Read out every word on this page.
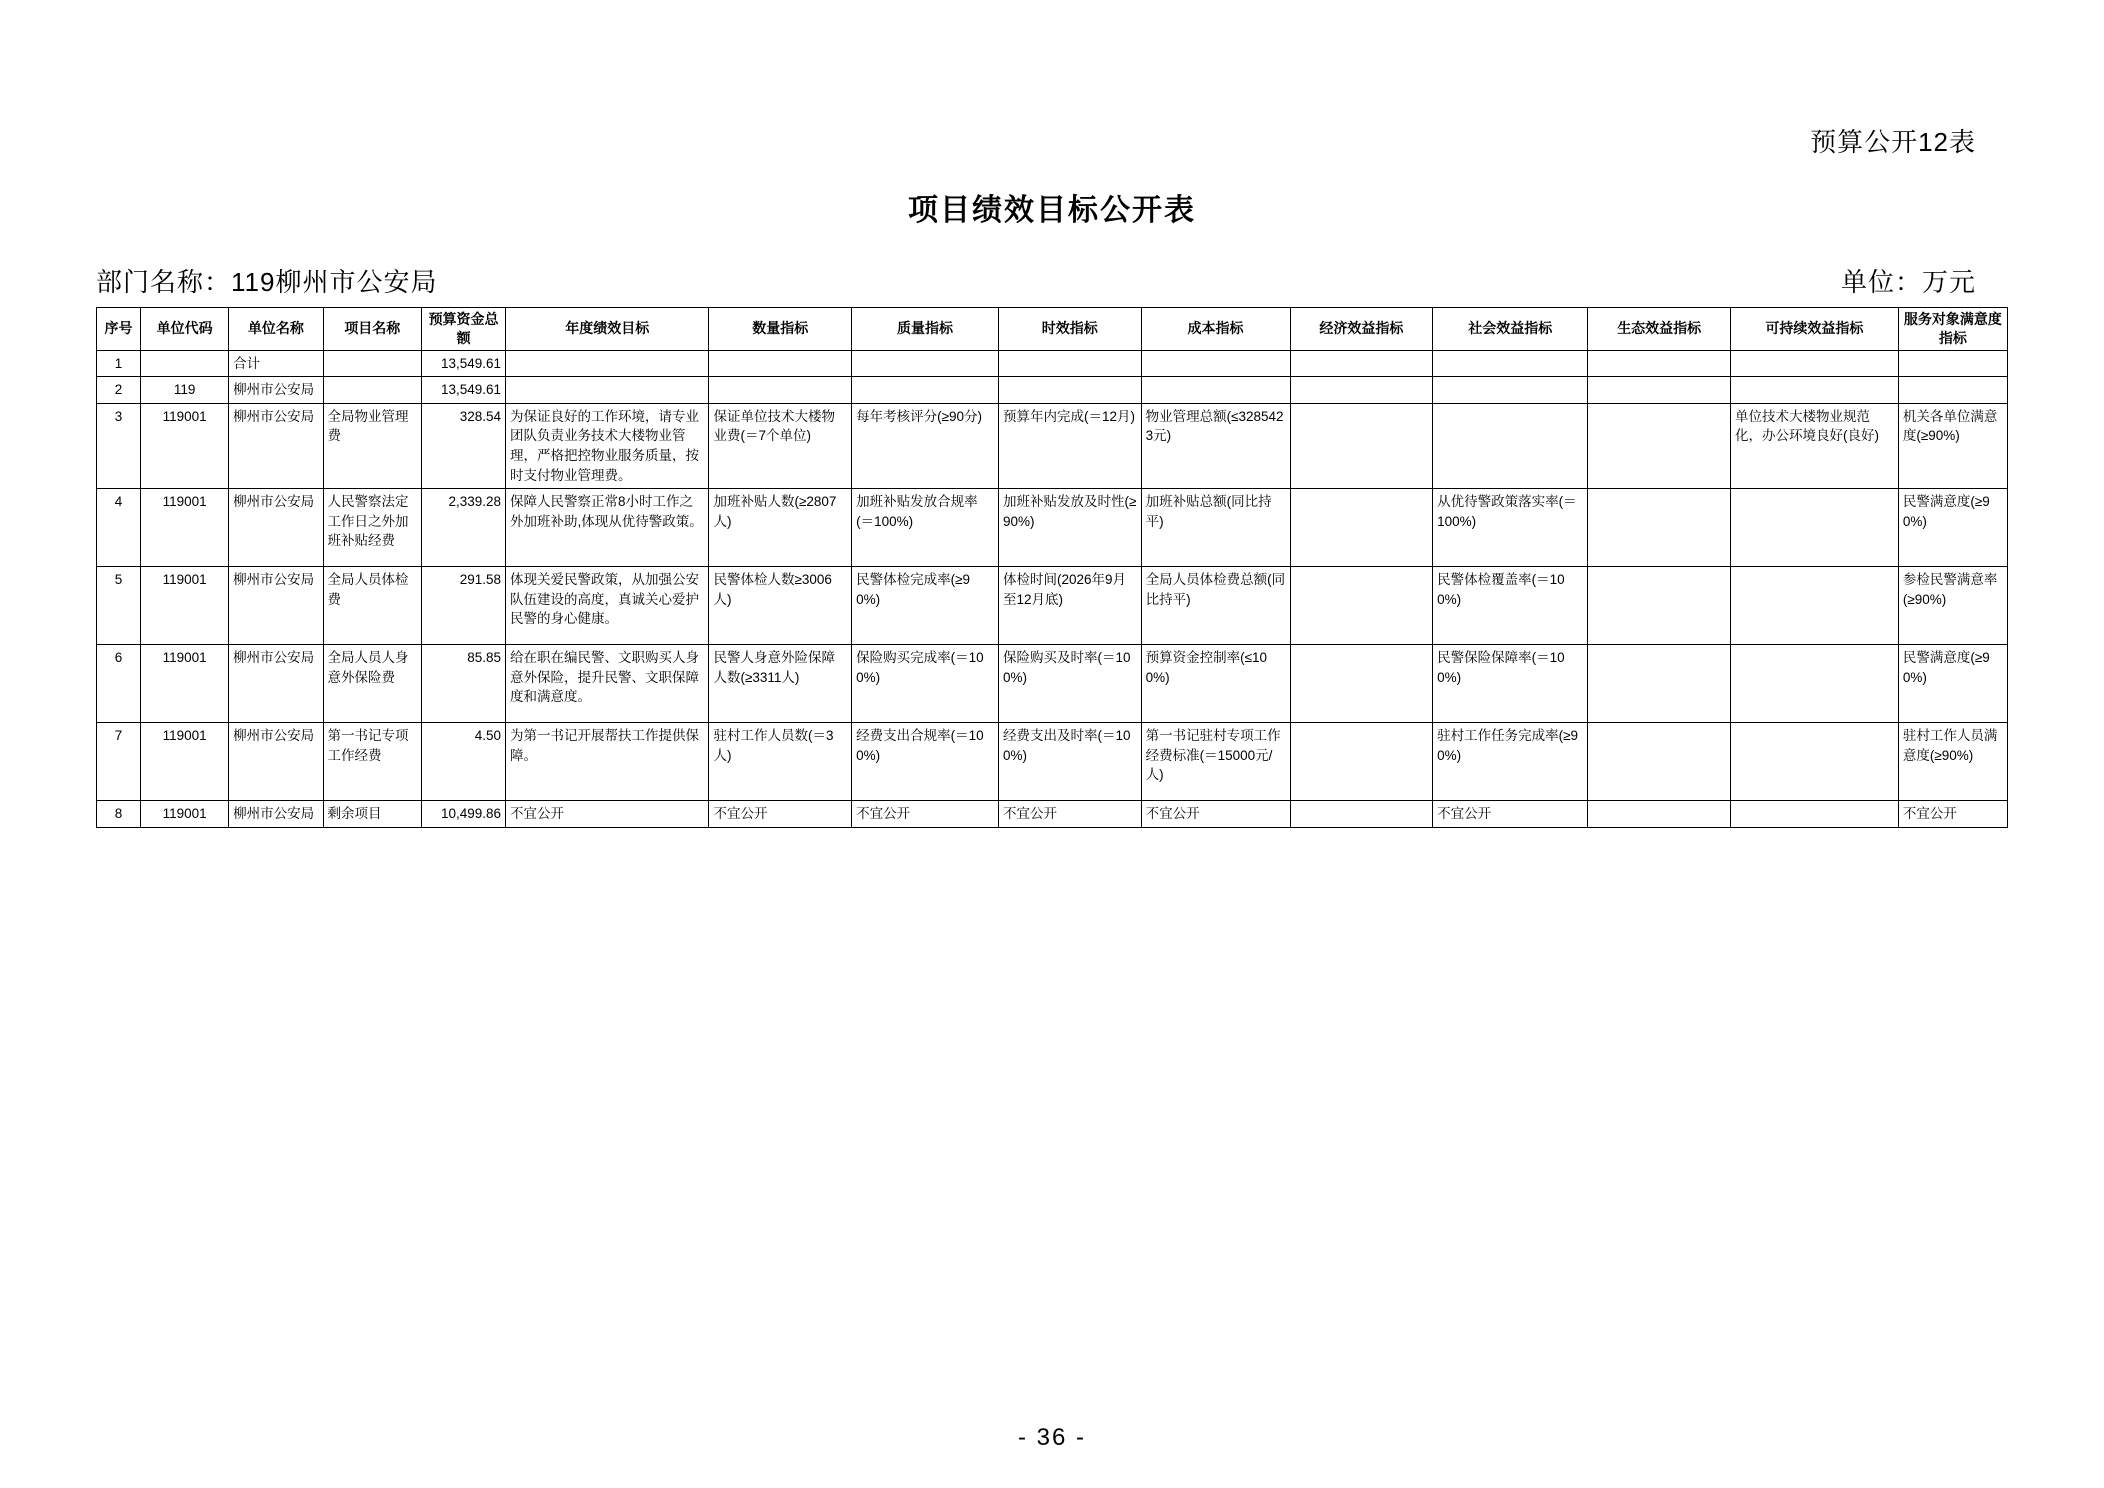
预算公开12表
项目绩效目标公开表
部门名称：119柳州市公安局	单位：万元
序号	单位代码	单位名称	项目名称	预算资金总额	年度绩效目标	数量指标	质量指标	时效指标	成本指标	经济效益指标	社会效益指标	生态效益指标	可持续效益指标	服务对象满意度指标
1		合计		13,549.61										
2	119	柳州市公安局		13,549.61										
3	119001	柳州市公安局	全局物业管理费	328.54	为保证良好的工作环境，请专业团队负责业务技术大楼物业管理，严格把控物业服务质量，按时支付物业管理费。	保证单位技术大楼物业费(＝7个单位)	每年考核评分(≥90分)	预算年内完成(＝12月)	物业管理总额(≤3285423元)				单位技术大楼物业规范化，办公环境良好(良好)	机关各单位满意度(≥90%)
4	119001	柳州市公安局	人民警察法定工作日之外加班补贴经费	2,339.28	保障人民警察正常8小时工作之外加班补助,体现从优待警政策。	加班补贴人数(≥2807人)	加班补贴发放合规率(＝100%)	加班补贴发放及时性(≥90%)	加班补贴总额(同比持平)		从优待警政策落实率(＝100%)			民警满意度(≥90%)
5	119001	柳州市公安局	全局人员体检费	291.58	体现关爱民警政策，从加强公安队伍建设的高度，真诚关心爱护民警的身心健康。	民警体检人数≥3006人)	民警体检完成率(≥90%)	体检时间(2026年9月至12月底)	全局人员体检费总额(同比持平)		民警体检覆盖率(＝100%)			参检民警满意率(≥90%)
6	119001	柳州市公安局	全局人员人身意外保险费	85.85	给在职在编民警、文职购买人身意外保险，提升民警、文职保障度和满意度。	民警人身意外险保障人数(≥3311人)	保险购买完成率(＝100%)	保险购买及时率(＝100%)	预算资金控制率(≤100%)		民警保险保障率(＝100%)			民警满意度(≥90%)
7	119001	柳州市公安局	第一书记专项工作经费	4.50	为第一书记开展帮扶工作提供保障。	驻村工作人员数(＝3人)	经费支出合规率(＝100%)	经费支出及时率(＝100%)	第一书记驻村专项工作经费标准(＝15000元/人)		驻村工作任务完成率(≥90%)			驻村工作人员满意度(≥90%)
8	119001	柳州市公安局	剩余项目	10,499.86	不宜公开	不宜公开	不宜公开	不宜公开	不宜公开		不宜公开			不宜公开
- 36 -
